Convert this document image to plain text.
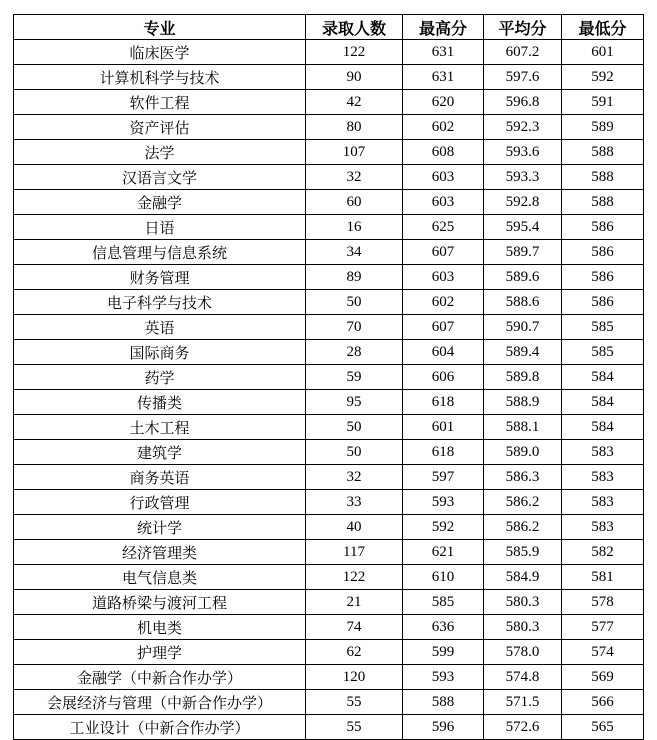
专业	录取人数	最高分	平均分	最低分
临床医学	122	631	607.2	601
计算机科学与技术	90	631	597.6	592
软件工程	42	620	596.8	591
资产评估	80	602	592.3	589
法学	107	608	593.6	588
汉语言文学	32	603	593.3	588
金融学	60	603	592.8	588
日语	16	625	595.4	586
信息管理与信息系统	34	607	589.7	586
财务管理	89	603	589.6	586
电子科学与技术	50	602	588.6	586
英语	70	607	590.7	585
国际商务	28	604	589.4	585
药学	59	606	589.8	584
传播类	95	618	588.9	584
土木工程	50	601	588.1	584
建筑学	50	618	589.0	583
商务英语	32	597	586.3	583
行政管理	33	593	586.2	583
统计学	40	592	586.2	583
经济管理类	117	621	585.9	582
电气信息类	122	610	584.9	581
道路桥梁与渡河工程	21	585	580.3	578
机电类	74	636	580.3	577
护理学	62	599	578.0	574
金融学（中新合作办学）	120	593	574.8	569
会展经济与管理（中新合作办学）	55	588	571.5	566
工业设计（中新合作办学）	55	596	572.6	565
